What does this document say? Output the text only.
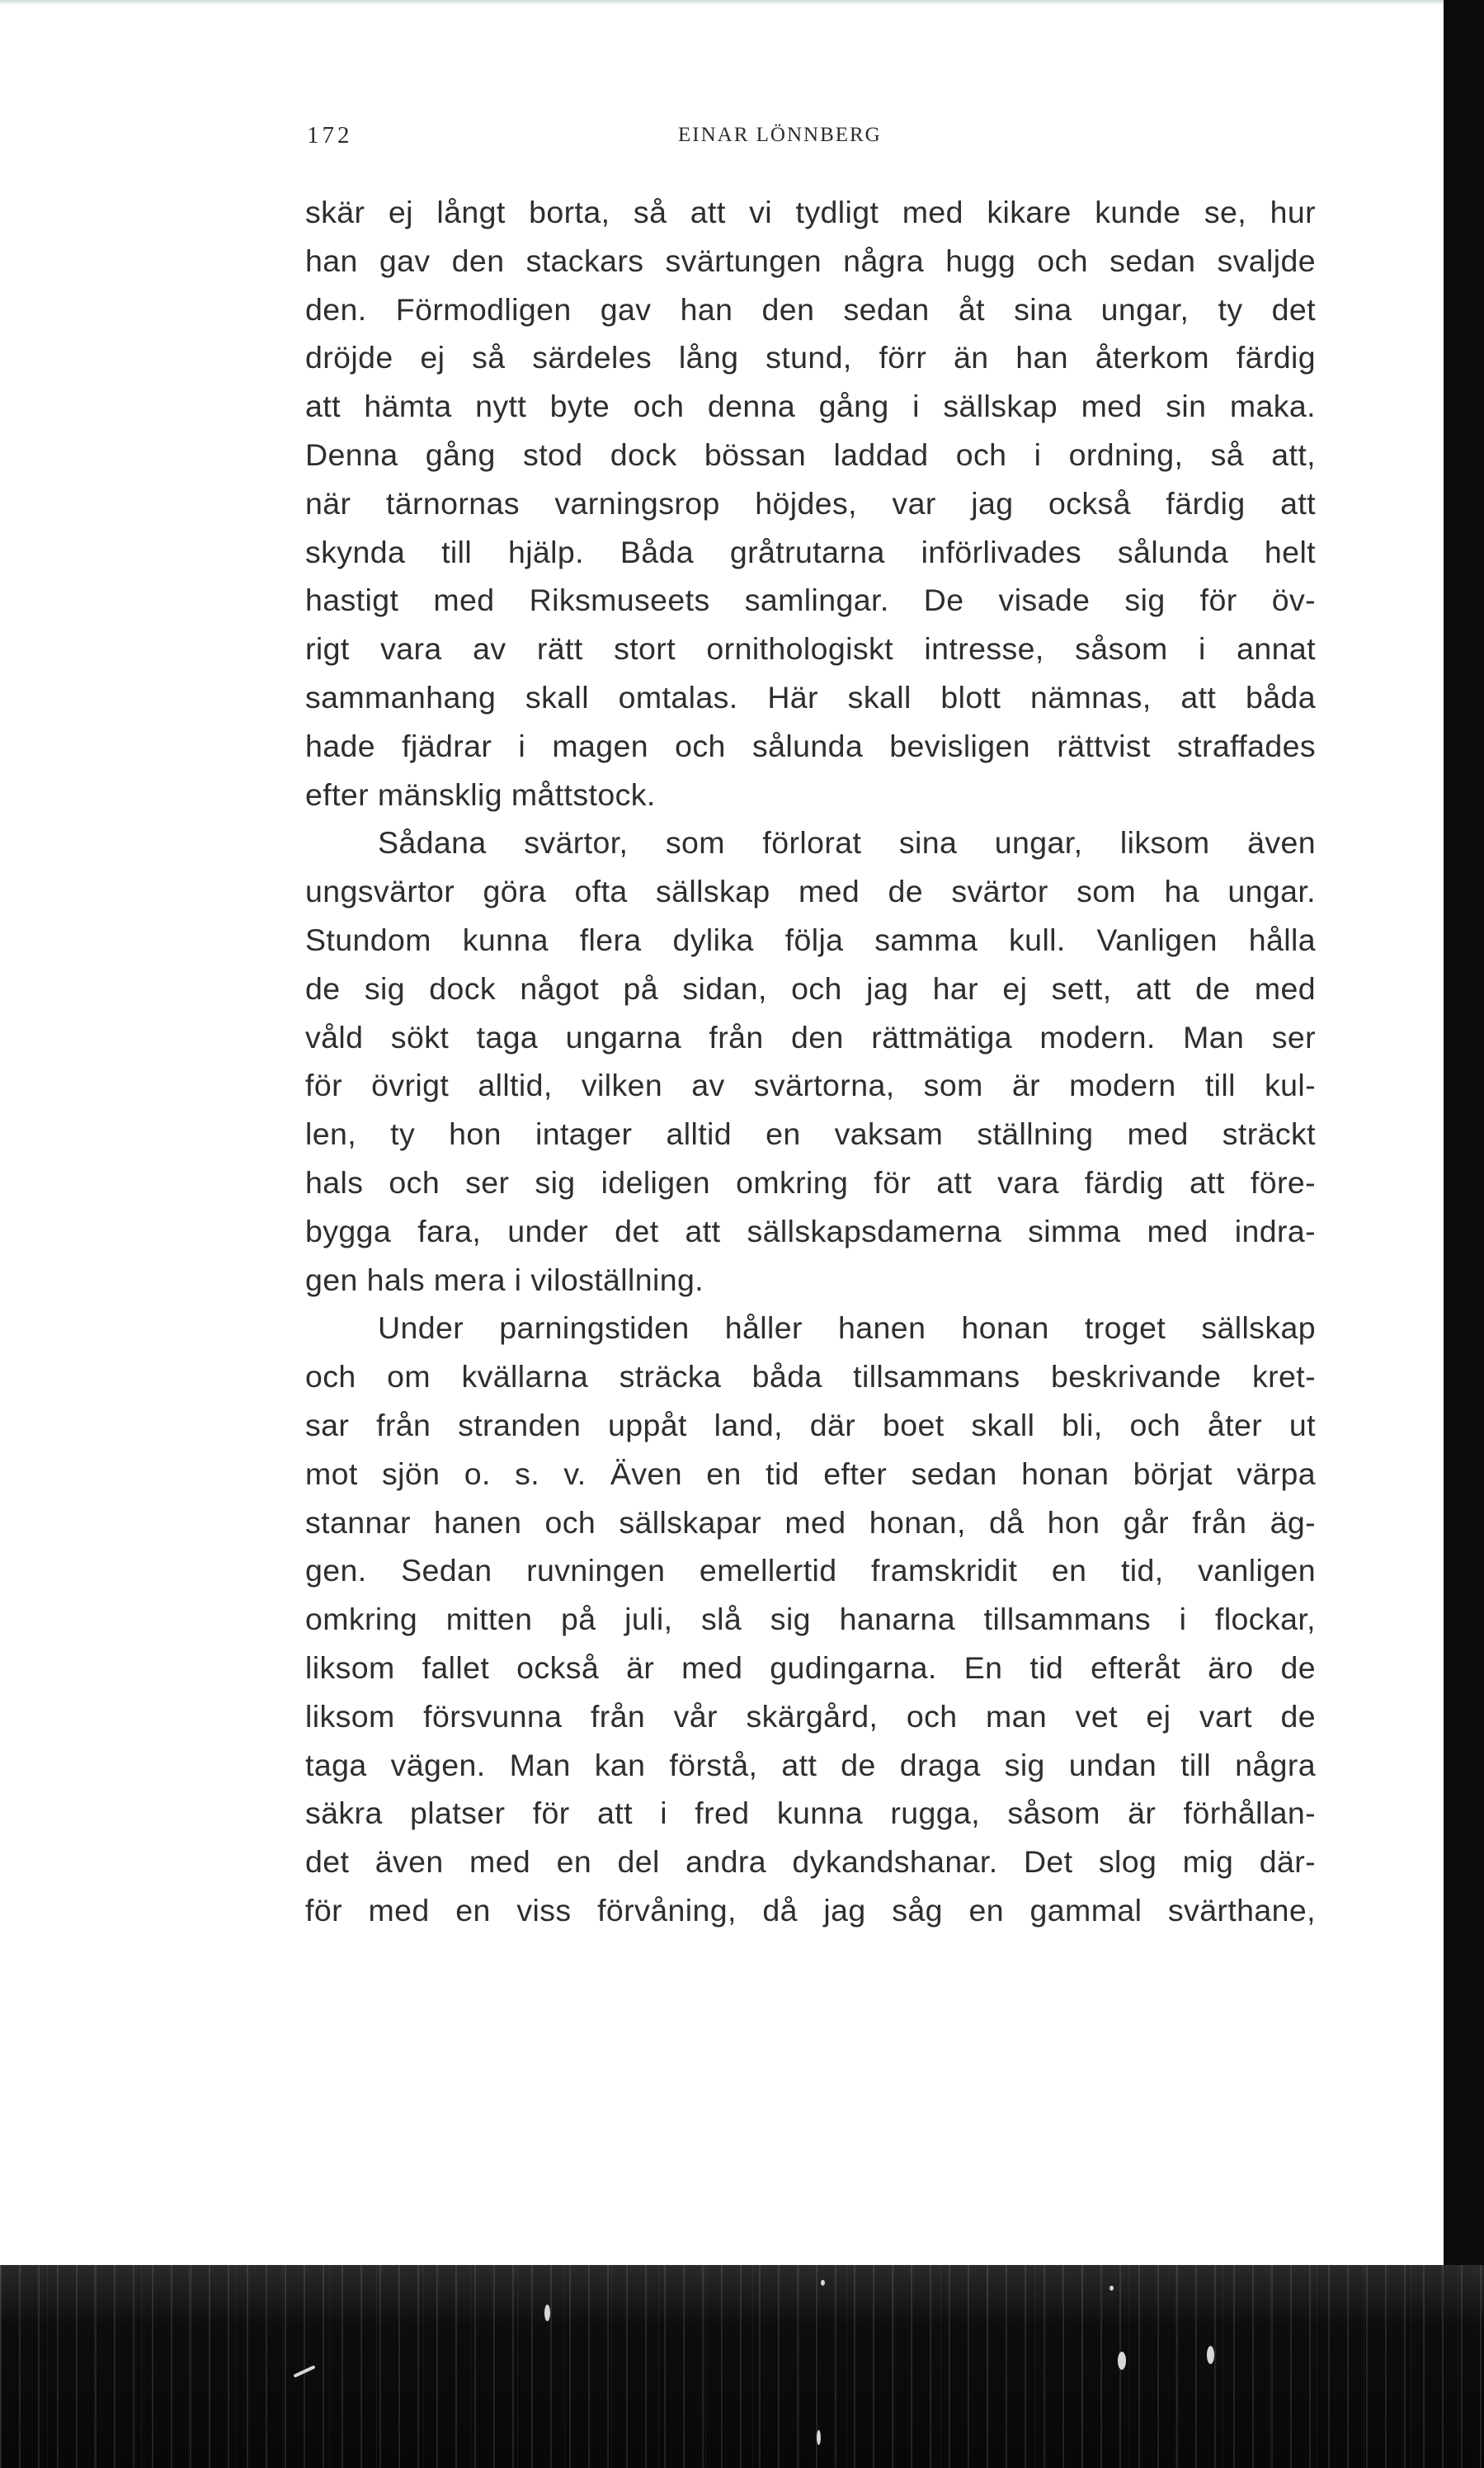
172	EINAR LÖNNBERG
skär ej långt borta, så att vi tydligt med kikare kunde se, hur
han gav den stackars svärtungen några hugg och sedan svaljde
den. Förmodligen gav han den sedan åt sina ungar, ty det
dröjde ej så särdeles lång stund, förr än han återkom färdig
att hämta nytt byte och denna gång i sällskap med sin maka.
Denna gång stod dock bössan laddad och i ordning, så att,
när tärnornas varningsrop höjdes, var jag också färdig att
skynda till hjälp. Båda gråtrutarna införlivades sålunda helt
hastigt med Riksmuseets samlingar. De visade sig för öv-
rigt vara av rätt stort ornithologiskt intresse, såsom i annat
sammanhang skall omtalas. Här skall blott nämnas, att båda
hade fjädrar i magen och sålunda bevisligen rättvist straffades
efter mänsklig måttstock.
Sådana svärtor, som förlorat sina ungar, liksom även
ungsvärtor göra ofta sällskap med de svärtor som ha ungar.
Stundom kunna flera dylika följa samma kull. Vanligen hålla
de sig dock något på sidan, och jag har ej sett, att de med
våld sökt taga ungarna från den rättmätiga modern. Man ser
för övrigt alltid, vilken av svärtorna, som är modern till kul-
len, ty hon intager alltid en vaksam ställning med sträckt
hals och ser sig ideligen omkring för att vara färdig att före-
bygga fara, under det att sällskapsdamerna simma med indra-
gen hals mera i viloställning.
Under parningstiden håller hanen honan troget sällskap
och om kvällarna sträcka båda tillsammans beskrivande kret-
sar från stranden uppåt land, där boet skall bli, och åter ut
mot sjön o. s. v. Även en tid efter sedan honan börjat värpa
stannar hanen och sällskapar med honan, då hon går från äg-
gen. Sedan ruvningen emellertid framskridit en tid, vanligen
omkring mitten på juli, slå sig hanarna tillsammans i flockar,
liksom fallet också är med gudingarna. En tid efteråt äro de
liksom försvunna från vår skärgård, och man vet ej vart de
taga vägen. Man kan förstå, att de draga sig undan till några
säkra platser för att i fred kunna rugga, såsom är förhållan-
det även med en del andra dykandshanar. Det slog mig där-
för med en viss förvåning, då jag såg en gammal svärthane,
